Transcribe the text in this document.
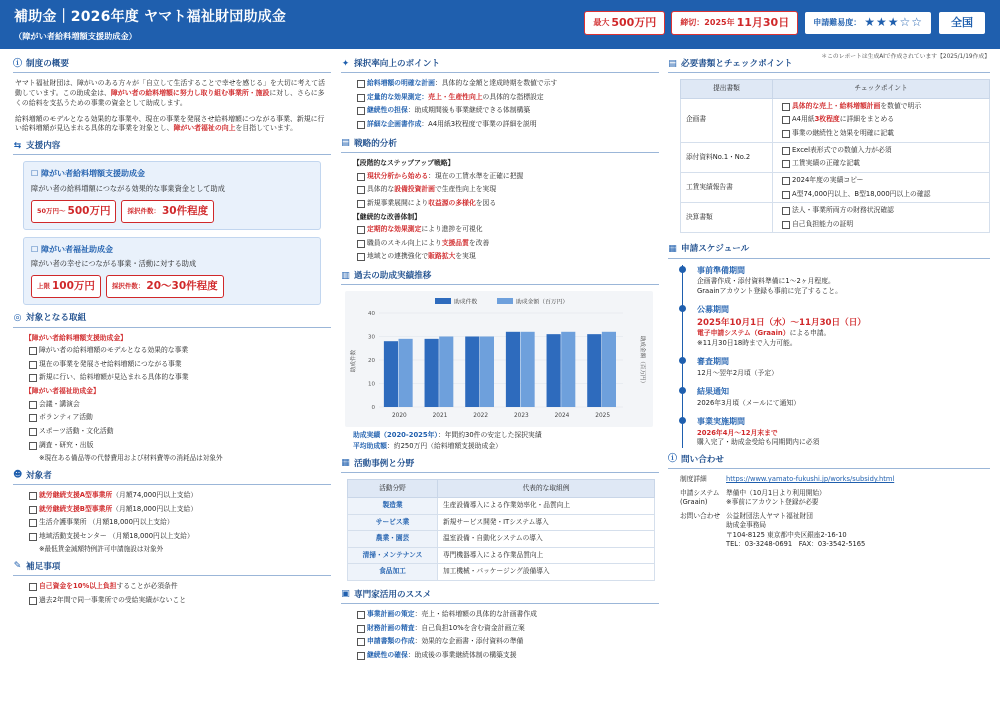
補助金｜2026年度 ヤマト福祉財団助成金
（障がい者給料増額支援助成金）
最大 500万円	締切：2025年 11月30日	申請難易度： ★★★☆☆	全国
＊このレポートは生成AIで作成されています【2025/1/19作成】
ⓘ 制度の概要

ヤマト福祉財団は、障がいのある方々が「自立して生活することで幸せを感じる」を大切に考えて活動しています。この助成金は、障がい者の給料増額に努力し取り組む事業所・施設に対し、さらに多くの給料を支払うための事業の資金として助成します。

給料増額のモデルとなる効果的な事業や、現在の事業を発展させ給料増額につながる事業、新規に行い給料増額が見込まれる具体的な事業を対象とし、障がい者福祉の向上を目指しています。

⇆ 支援内容
☐ 障がい者給料増額支援助成金
障がい者の給料増額につながる効果的な事業資金として助成
50万円〜 500万円	採択件数： 30件程度
☐ 障がい者福祉助成金
障がい者の幸せにつながる事業・活動に対する助成
上限 100万円	採択件数： 20〜30件程度
◎ 対象となる取組
【障がい者給料増額支援助成金】
障がい者の給料増額のモデルとなる効果的な事業
現在の事業を発展させ給料増額につながる事業
新規に行い、給料増額が見込まれる具体的な事業
【障がい者福祉助成金】
会議・講演会
ボランティア活動
スポーツ活動・文化活動
調査・研究・出版
※現在ある備品等の代替費用および材料費等の消耗品は対象外
☻ 対象者
就労継続支援A型事業所（月額74,000円以上支給）
就労継続支援B型事業所（月額18,000円以上支給）
生活介護事業所 （月額18,000円以上支給）
地域活動支援センター （月額18,000円以上支給）
※最低賃金減額特例許可申請施設は対象外
✎ 補足事項
自己資金を10%以上負担することが必須条件
過去2年間で同一事業所での受給実績がないこと
✦ 採択率向上のポイント
給料増額の明確な計画：具体的な金額と達成時期を数値で示す
定量的な効果測定：売上・生産性向上の具体的な指標設定
継続性の担保：助成期間後も事業継続できる体制構築
詳細な企画書作成：A4用紙3枚程度で事業の詳細を説明
▤ 戦略的分析
【段階的なステップアップ戦略】
現状分析から始める：現在の工賃水準を正確に把握
具体的な設備投資計画で生産性向上を実現
新規事業展開により収益源の多様化を図る
【継続的な改善体制】
定期的な効果測定により進捗を可視化
職員のスキル向上により支援品質を改善
地域との連携強化で販路拡大を実現
▥ 過去の助成実績推移
0
10
20
30
40
助成件数	助成金額（百万円）
2020	2021	2022	2023	2024	2025
助成件数	助成金額（百万円）
助成実績（2020-2025年）：年間約30件の安定した採択実績
平均助成額：約250万円（給料増額支援助成金）
▦ 活動事例と分野
活動分野	代表的な取組例
製造業	生産設備導入による作業効率化・品質向上
サービス業	新規サービス開発・ITシステム導入
農業・園芸	温室設備・自動化システムの導入
清掃・メンテナンス	専門機器導入による作業品質向上
食品加工	加工機械・パッケージング設備導入
▣ 専門家活用のススメ
事業計画の策定：売上・給料増額の具体的な計画書作成
財務計画の精査：自己負担10%を含む資金計画立案
申請書類の作成：効果的な企画書・添付資料の準備
継続性の確保：助成後の事業継続体制の構築支援
▤ 必要書類とチェックポイント
提出書類	チェックポイント
企画書	具体的な売上・給料増額計画を数値で明示
A4用紙3枚程度に詳細をまとめる
事業の継続性と効果を明確に記載

添付資料No.1・No.2	Excel表形式での数値入力が必須
工賃実績の正確な記載

工賃実績報告書	2024年度の実績コピー
A型74,000円以上、B型18,000円以上の確認

決算書類	法人・事業所両方の財務状況確認
自己負担能力の証明
▦ 申請スケジュール
事前準備期間
企画書作成・添付資料準備に1〜2ヶ月程度。
Graainアカウント登録も事前に完了すること。
公募期間
2025年10月1日（水）〜11月30日（日）
電子申請システム（Graain）による申請。
※11月30日18時まで入力可能。
審査期間
12月〜翌年2月頃（予定）
結果通知
2026年3月頃（メールにて通知）
事業実施期間
2026年4月〜12月末まで
購入完了・助成金受給も同期間内に必須
ⓘ 問い合わせ
制度詳細	https://www.yamato-fukushi.jp/works/subsidy.html
申請システム
(Graain)
準備中（10月1日より利用開始）
※事前にアカウント登録が必要
お問い合わせ 公益財団法人ヤマト福祉財団
助成金事務局
〒104-8125 東京都中央区銀座2-16-10
TEL：03-3248-0691　FAX：03-3542-5165
